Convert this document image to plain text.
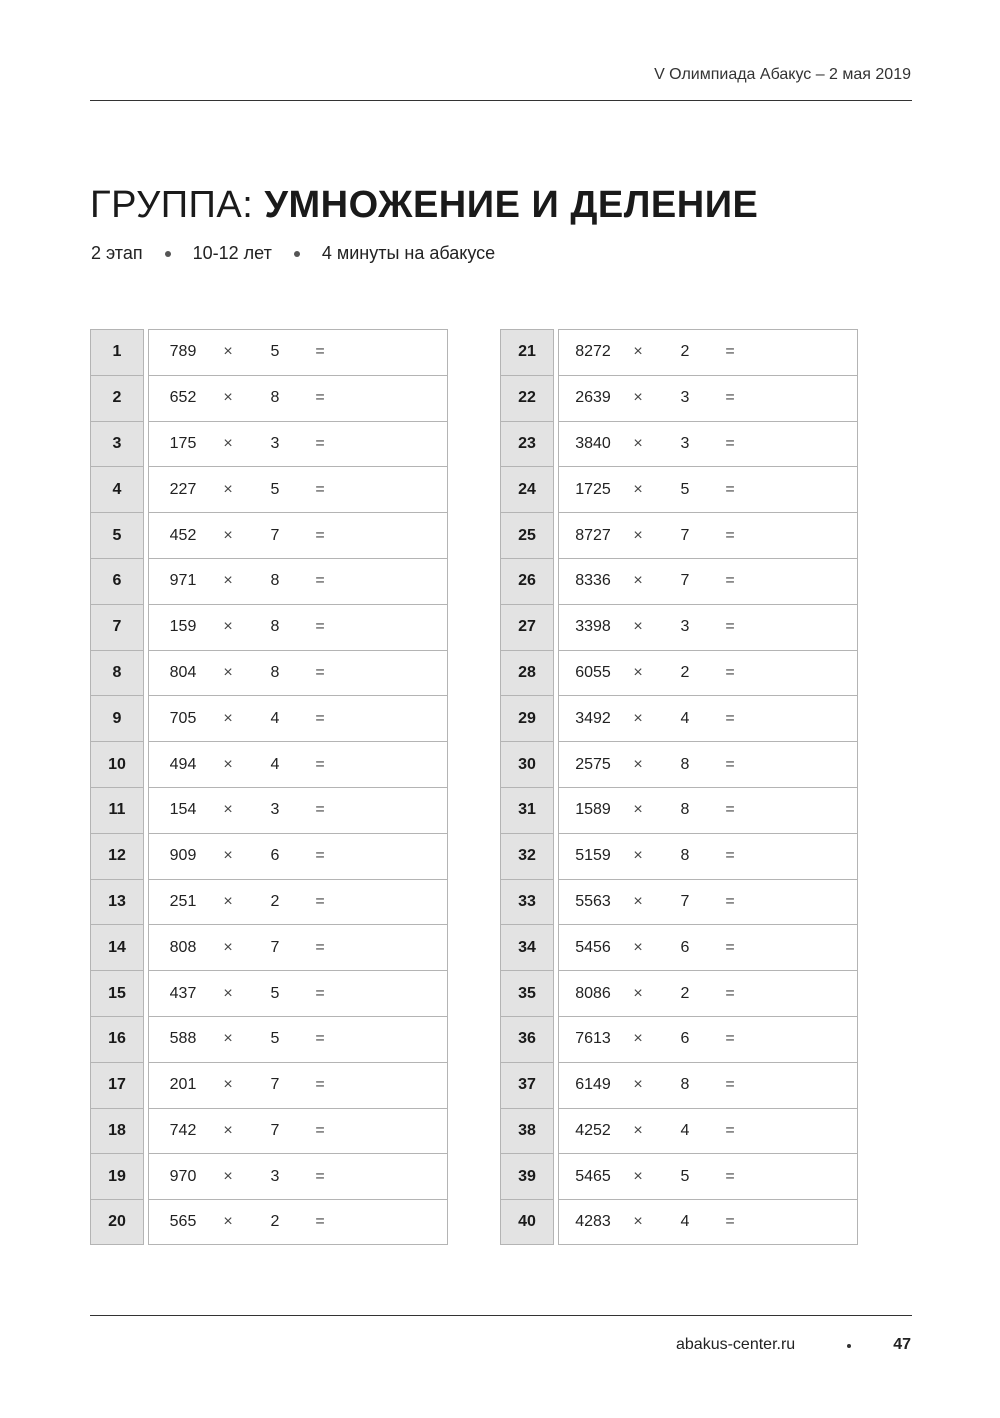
V Олимпиада Абакус – 2 мая 2019
ГРУППА: УМНОЖЕНИЕ И ДЕЛЕНИЕ
2 этап	10-12 лет	4 минуты на абакусе
1	789	×	5	=
2	652	×	8	=
3	175	×	3	=
4	227	×	5	=
5	452	×	7	=
6	971	×	8	=
7	159	×	8	=
8	804	×	8	=
9	705	×	4	=
10	494	×	4	=
11	154	×	3	=
12	909	×	6	=
13	251	×	2	=
14	808	×	7	=
15	437	×	5	=
16	588	×	5	=
17	201	×	7	=
18	742	×	7	=
19	970	×	3	=
20	565	×	2	=
21	8272	×	2	=
22	2639	×	3	=
23	3840	×	3	=
24	1725	×	5	=
25	8727	×	7	=
26	8336	×	7	=
27	3398	×	3	=
28	6055	×	2	=
29	3492	×	4	=
30	2575	×	8	=
31	1589	×	8	=
32	5159	×	8	=
33	5563	×	7	=
34	5456	×	6	=
35	8086	×	2	=
36	7613	×	6	=
37	6149	×	8	=
38	4252	×	4	=
39	5465	×	5	=
40	4283	×	4	=
abakus-center.ru	47
